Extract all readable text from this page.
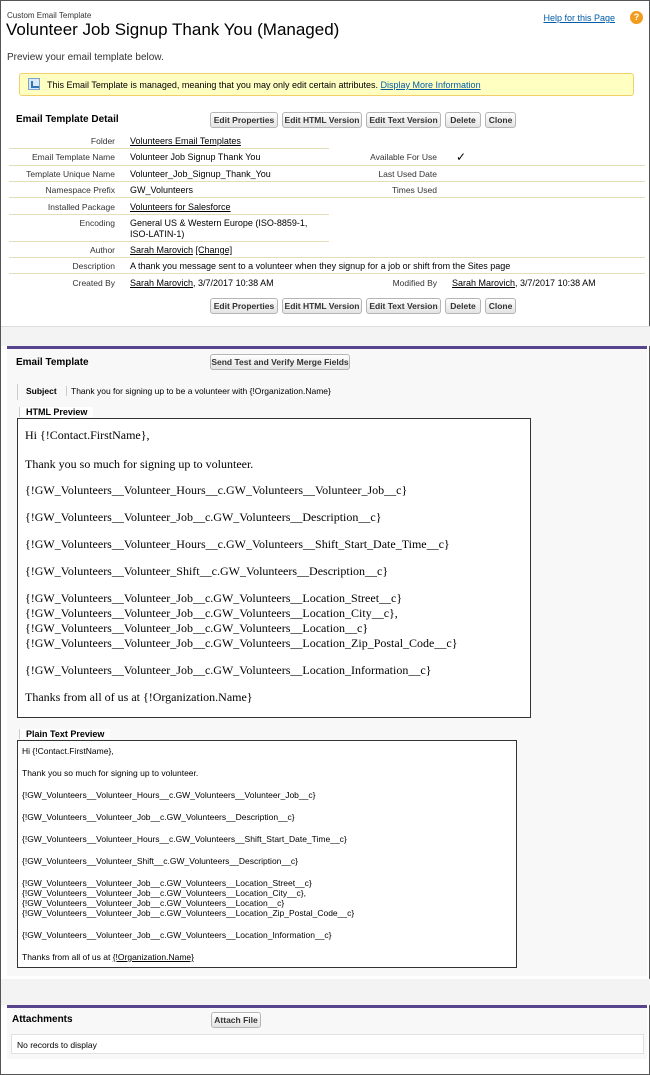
Custom Email Template
Volunteer Job Signup Thank You (Managed)
Help for this Page	?
Preview your email template below.
This Email Template is managed, meaning that you may only edit certain attributes. Display More Information
Email Template Detail	Edit Properties	Edit HTML Version	Edit Text Version	Delete	Clone
Folder Volunteers Email Templates
Email Template Name Volunteer Job Signup Thank You	Available For Use ✓
Template Unique Name Volunteer_Job_Signup_Thank_You	Last Used Date
Namespace Prefix GW_Volunteers	Times Used
Installed Package Volunteers for Salesforce
Encoding General US & Western Europe (ISO-8859-1,
ISO-LATIN-1)
Author Sarah Marovich [Change]
Description A thank you message sent to a volunteer when they signup for a job or shift from the Sites page
Created By Sarah Marovich, 3/7/2017 10:38 AM	Modified By Sarah Marovich, 3/7/2017 10:38 AM
Edit Properties	Edit HTML Version	Edit Text Version	Delete	Clone
Email Template	Send Test and Verify Merge Fields
Subject	Thank you for signing up to be a volunteer with {!Organization.Name}
HTML Preview

Hi {!Contact.FirstName},

Thank you so much for signing up to volunteer.

{!GW_Volunteers__Volunteer_Hours__c.GW_Volunteers__Volunteer_Job__c}

{!GW_Volunteers__Volunteer_Job__c.GW_Volunteers__Description__c}

{!GW_Volunteers__Volunteer_Hours__c.GW_Volunteers__Shift_Start_Date_Time__c}

{!GW_Volunteers__Volunteer_Shift__c.GW_Volunteers__Description__c}

{!GW_Volunteers__Volunteer_Job__c.GW_Volunteers__Location_Street__c}

{!GW_Volunteers__Volunteer_Job__c.GW_Volunteers__Location_City__c},

{!GW_Volunteers__Volunteer_Job__c.GW_Volunteers__Location__c}

{!GW_Volunteers__Volunteer_Job__c.GW_Volunteers__Location_Zip_Postal_Code__c}

{!GW_Volunteers__Volunteer_Job__c.GW_Volunteers__Location_Information__c}

Thanks from all of us at {!Organization.Name}

Plain Text Preview

Hi {!Contact.FirstName},

Thank you so much for signing up to volunteer.

{!GW_Volunteers__Volunteer_Hours__c.GW_Volunteers__Volunteer_Job__c}

{!GW_Volunteers__Volunteer_Job__c.GW_Volunteers__Description__c}

{!GW_Volunteers__Volunteer_Hours__c.GW_Volunteers__Shift_Start_Date_Time__c}

{!GW_Volunteers__Volunteer_Shift__c.GW_Volunteers__Description__c}

{!GW_Volunteers__Volunteer_Job__c.GW_Volunteers__Location_Street__c}

{!GW_Volunteers__Volunteer_Job__c.GW_Volunteers__Location_City__c},

{!GW_Volunteers__Volunteer_Job__c.GW_Volunteers__Location__c}

{!GW_Volunteers__Volunteer_Job__c.GW_Volunteers__Location_Zip_Postal_Code__c}

{!GW_Volunteers__Volunteer_Job__c.GW_Volunteers__Location_Information__c}

Thanks from all of us at {!Organization.Name}

Attachments	Attach File
No records to display
